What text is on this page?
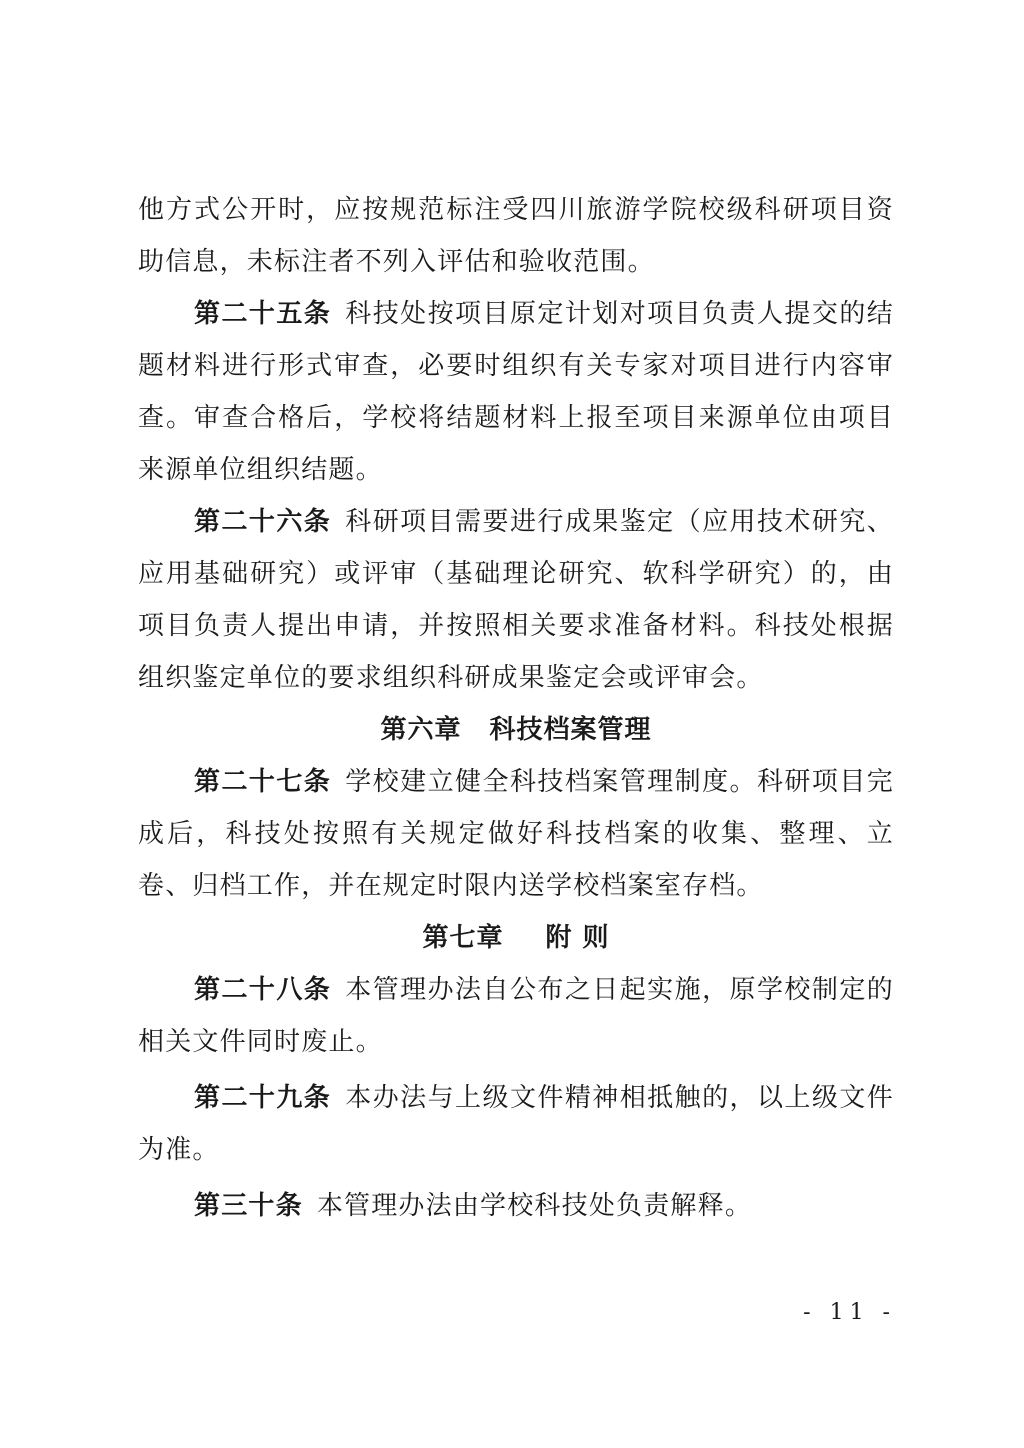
他方式公开时，应按规范标注受四川旅游学院校级科研项目资助信息，未标注者不列入评估和验收范围。

第二十五条 科技处按项目原定计划对项目负责人提交的结题材料进行形式审查，必要时组织有关专家对项目进行内容审查。审查合格后，学校将结题材料上报至项目来源单位由项目来源单位组织结题。

第二十六条 科研项目需要进行成果鉴定（应用技术研究、应用基础研究）或评审（基础理论研究、软科学研究）的，由项目负责人提出申请，并按照相关要求准备材料。科技处根据组织鉴定单位的要求组织科研成果鉴定会或评审会。

第六章 科技档案管理

第二十七条 学校建立健全科技档案管理制度。科研项目完成后，科技处按照有关规定做好科技档案的收集、整理、立卷、归档工作，并在规定时限内送学校档案室存档。

第七章 附 则

第二十八条 本管理办法自公布之日起实施，原学校制定的相关文件同时废止。

第二十九条 本办法与上级文件精神相抵触的，以上级文件为准。

第三十条 本管理办法由学校科技处负责解释。

- 11 -
